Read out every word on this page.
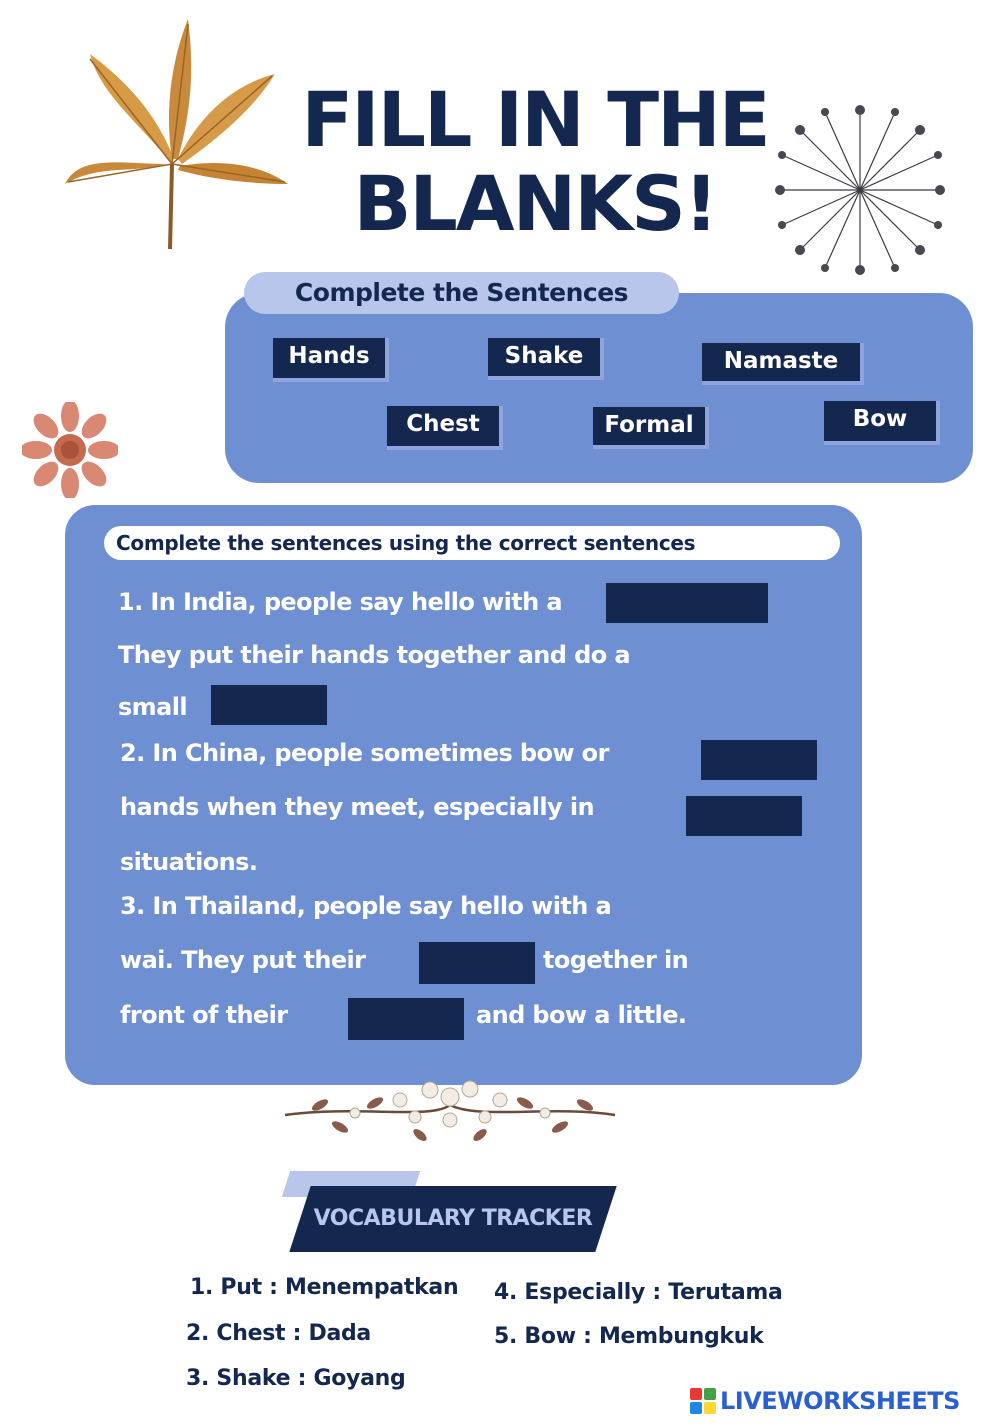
FILL IN THE
BLANKS!
Hands	Shake	Namaste
Chest	Formal	Bow
Complete the Sentences
Complete the sentences using the correct sentences
1. In India, people say hello with a
They put their hands together and do a
small
2. In China, people sometimes bow or
hands when they meet, especially in
situations.
3. In Thailand, people say hello with a
wai. They put their	together in
front of their	and bow a little.
VOCABULARY TRACKER
1. Put : Menempatkan
2. Chest : Dada
3. Shake : Goyang
4. Especially : Terutama
5. Bow : Membungkuk
LIVEWORKSHEETS
